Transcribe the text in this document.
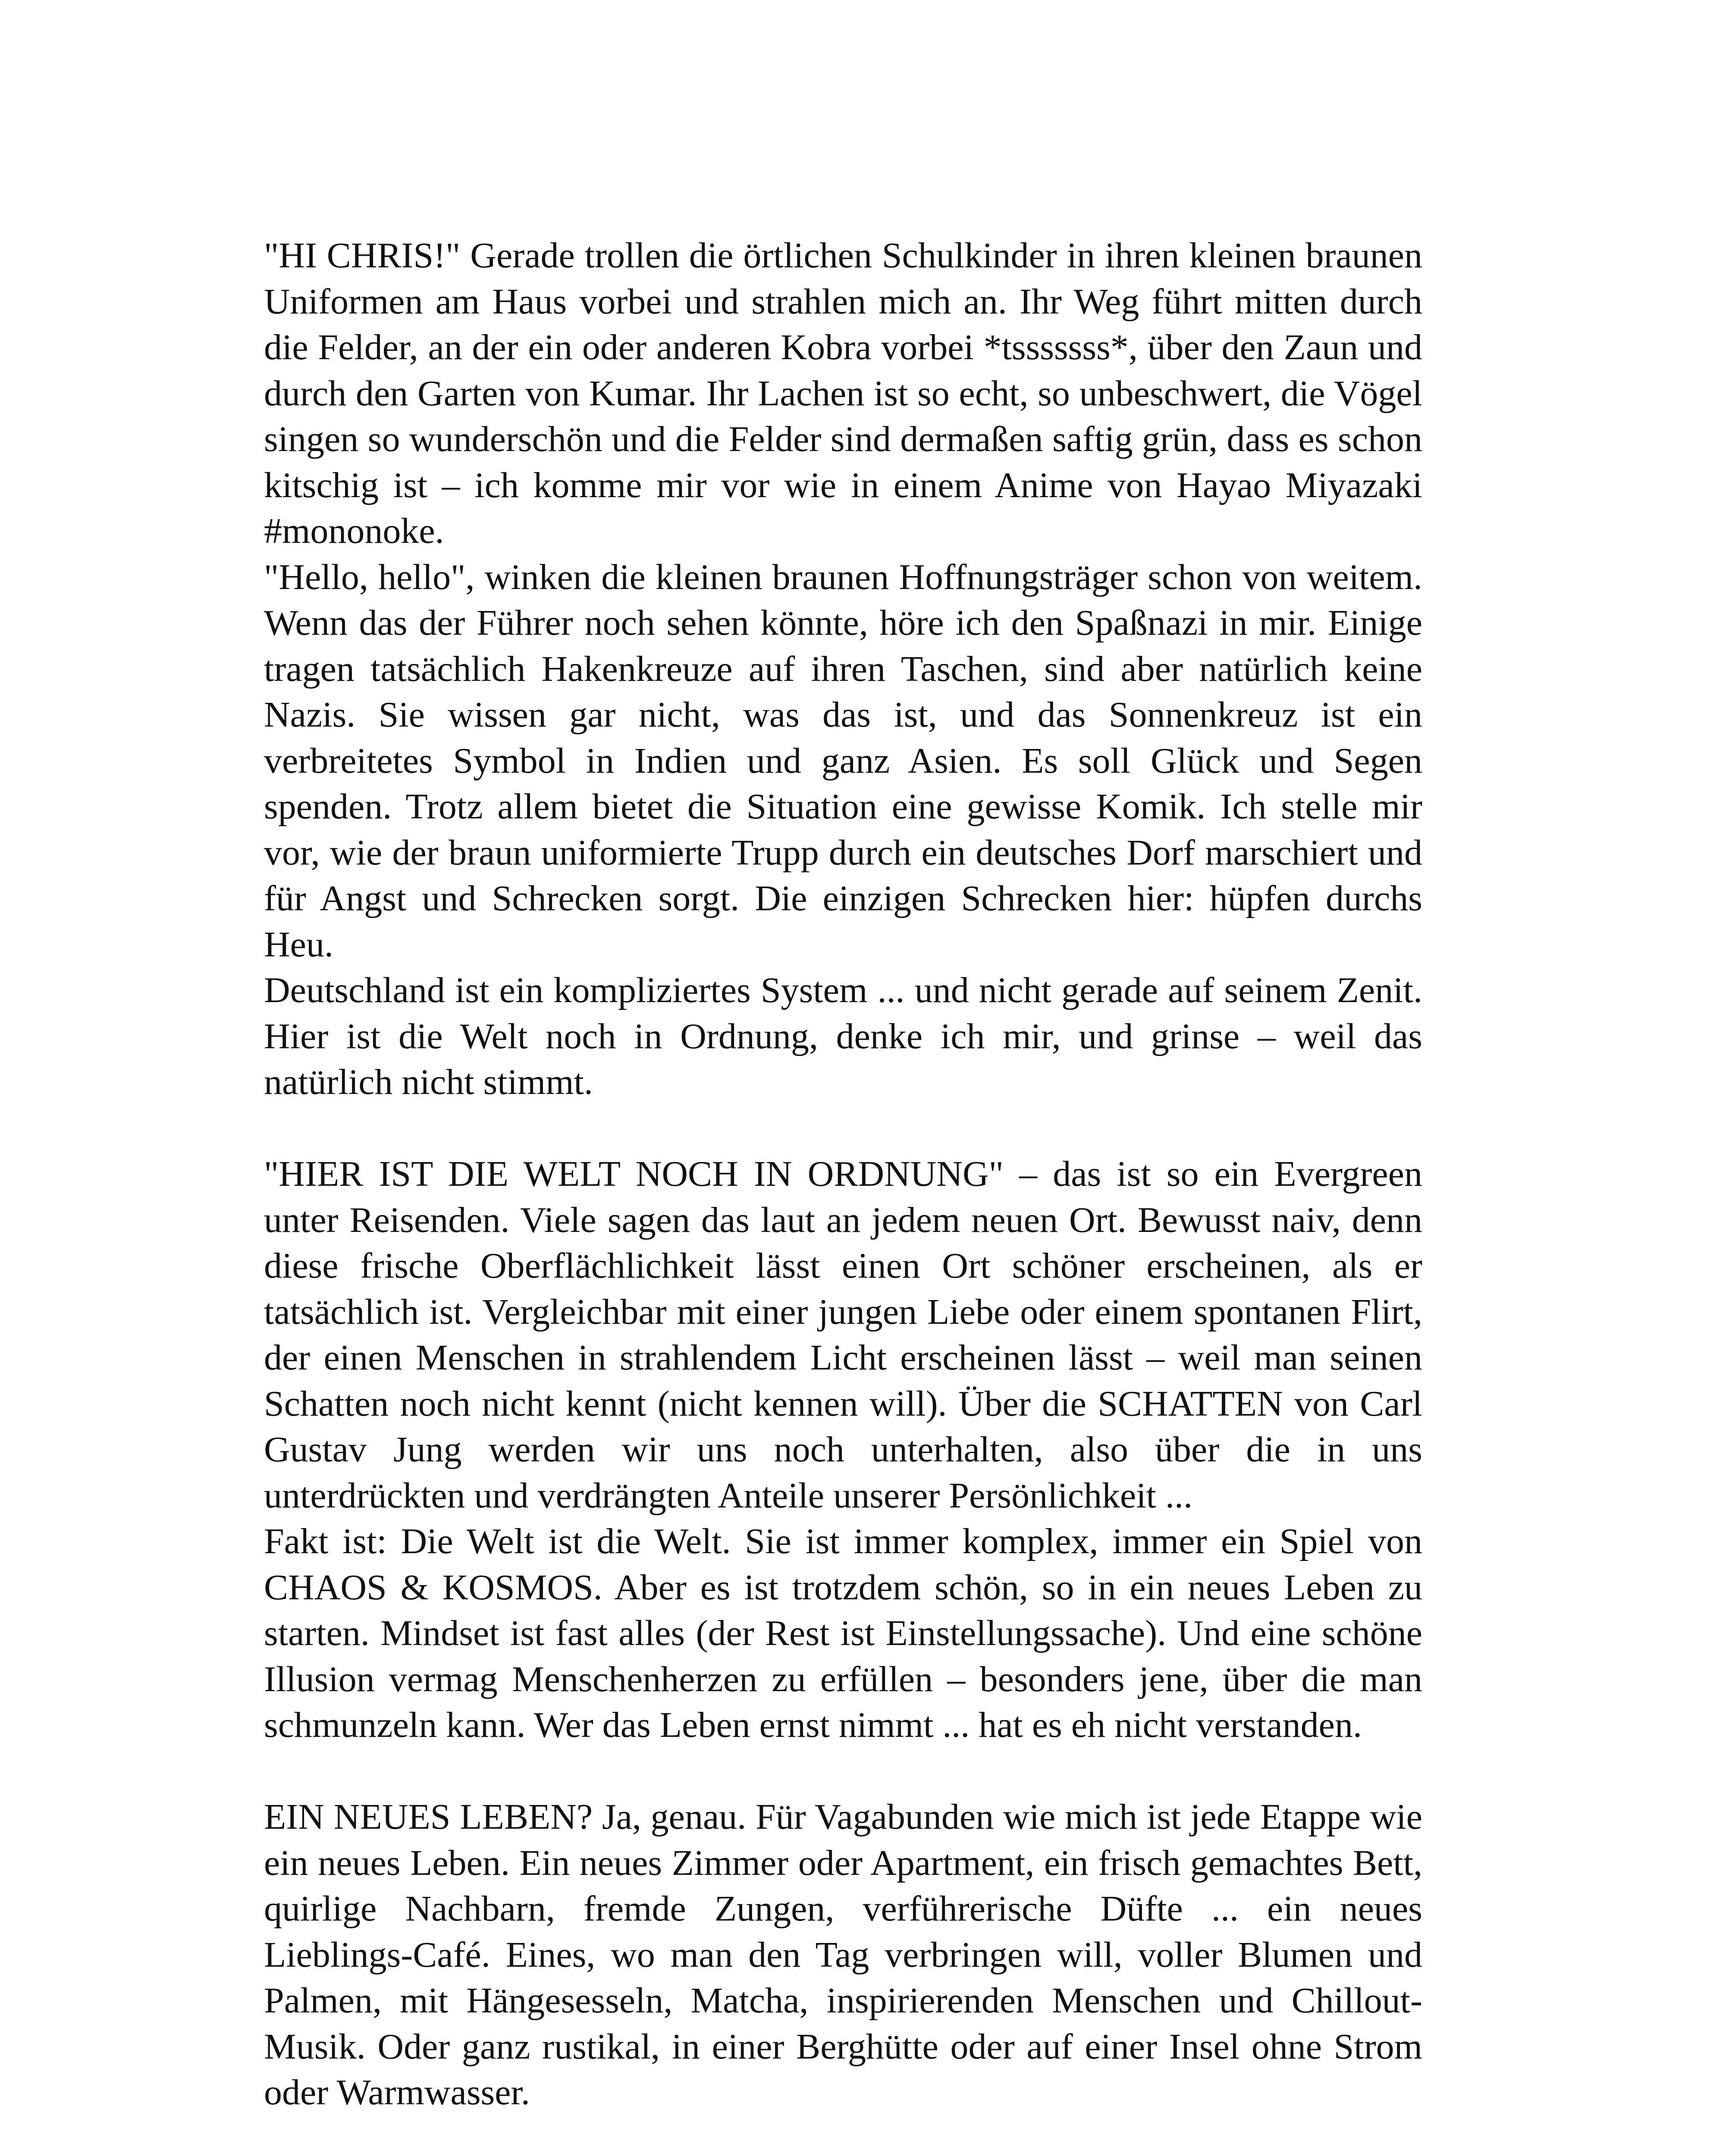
"HI CHRIS!" Gerade trollen die örtlichen Schulkinder in ihren kleinen braunen Uniformen am Haus vorbei und strahlen mich an. Ihr Weg führt mitten durch die Felder, an der ein oder anderen Kobra vorbei *tsssssss*, über den Zaun und durch den Garten von Kumar. Ihr Lachen ist so echt, so unbeschwert, die Vögel singen so wunderschön und die Felder sind dermaßen saftig grün, dass es schon kitschig ist – ich komme mir vor wie in einem Anime von Hayao Miyazaki #mononoke.

"Hello, hello", winken die kleinen braunen Hoffnungsträger schon von weitem. Wenn das der Führer noch sehen könnte, höre ich den Spaßnazi in mir. Einige tragen tatsächlich Hakenkreuze auf ihren Taschen, sind aber natürlich keine Nazis. Sie wissen gar nicht, was das ist, und das Sonnenkreuz ist ein verbreitetes Symbol in Indien und ganz Asien. Es soll Glück und Segen spenden. Trotz allem bietet die Situation eine gewisse Komik. Ich stelle mir vor, wie der braun uniformierte Trupp durch ein deutsches Dorf marschiert und für Angst und Schrecken sorgt. Die einzigen Schrecken hier: hüpfen durchs Heu.

Deutschland ist ein kompliziertes System ... und nicht gerade auf seinem Zenit. Hier ist die Welt noch in Ordnung, denke ich mir, und grinse – weil das natürlich nicht stimmt.

"HIER IST DIE WELT NOCH IN ORDNUNG" – das ist so ein Evergreen unter Reisenden. Viele sagen das laut an jedem neuen Ort. Bewusst naiv, denn diese frische Oberflächlichkeit lässt einen Ort schöner erscheinen, als er tatsächlich ist. Vergleichbar mit einer jungen Liebe oder einem spontanen Flirt, der einen Menschen in strahlendem Licht erscheinen lässt – weil man seinen Schatten noch nicht kennt (nicht kennen will). Über die SCHATTEN von Carl Gustav Jung werden wir uns noch unterhalten, also über die in uns unterdrückten und verdrängten Anteile unserer Persönlichkeit ...

Fakt ist: Die Welt ist die Welt. Sie ist immer komplex, immer ein Spiel von CHAOS & KOSMOS. Aber es ist trotzdem schön, so in ein neues Leben zu starten. Mindset ist fast alles (der Rest ist Einstellungssache). Und eine schöne Illusion vermag Menschenherzen zu erfüllen – besonders jene, über die man schmunzeln kann. Wer das Leben ernst nimmt ... hat es eh nicht verstanden.

EIN NEUES LEBEN? Ja, genau. Für Vagabunden wie mich ist jede Etappe wie ein neues Leben. Ein neues Zimmer oder Apartment, ein frisch gemachtes Bett, quirlige Nachbarn, fremde Zungen, verführerische Düfte ... ein neues Lieblings-Café. Eines, wo man den Tag verbringen will, voller Blumen und Palmen, mit Hängesesseln, Matcha, inspirierenden Menschen und Chillout-Musik. Oder ganz rustikal, in einer Berghütte oder auf einer Insel ohne Strom oder Warmwasser.
